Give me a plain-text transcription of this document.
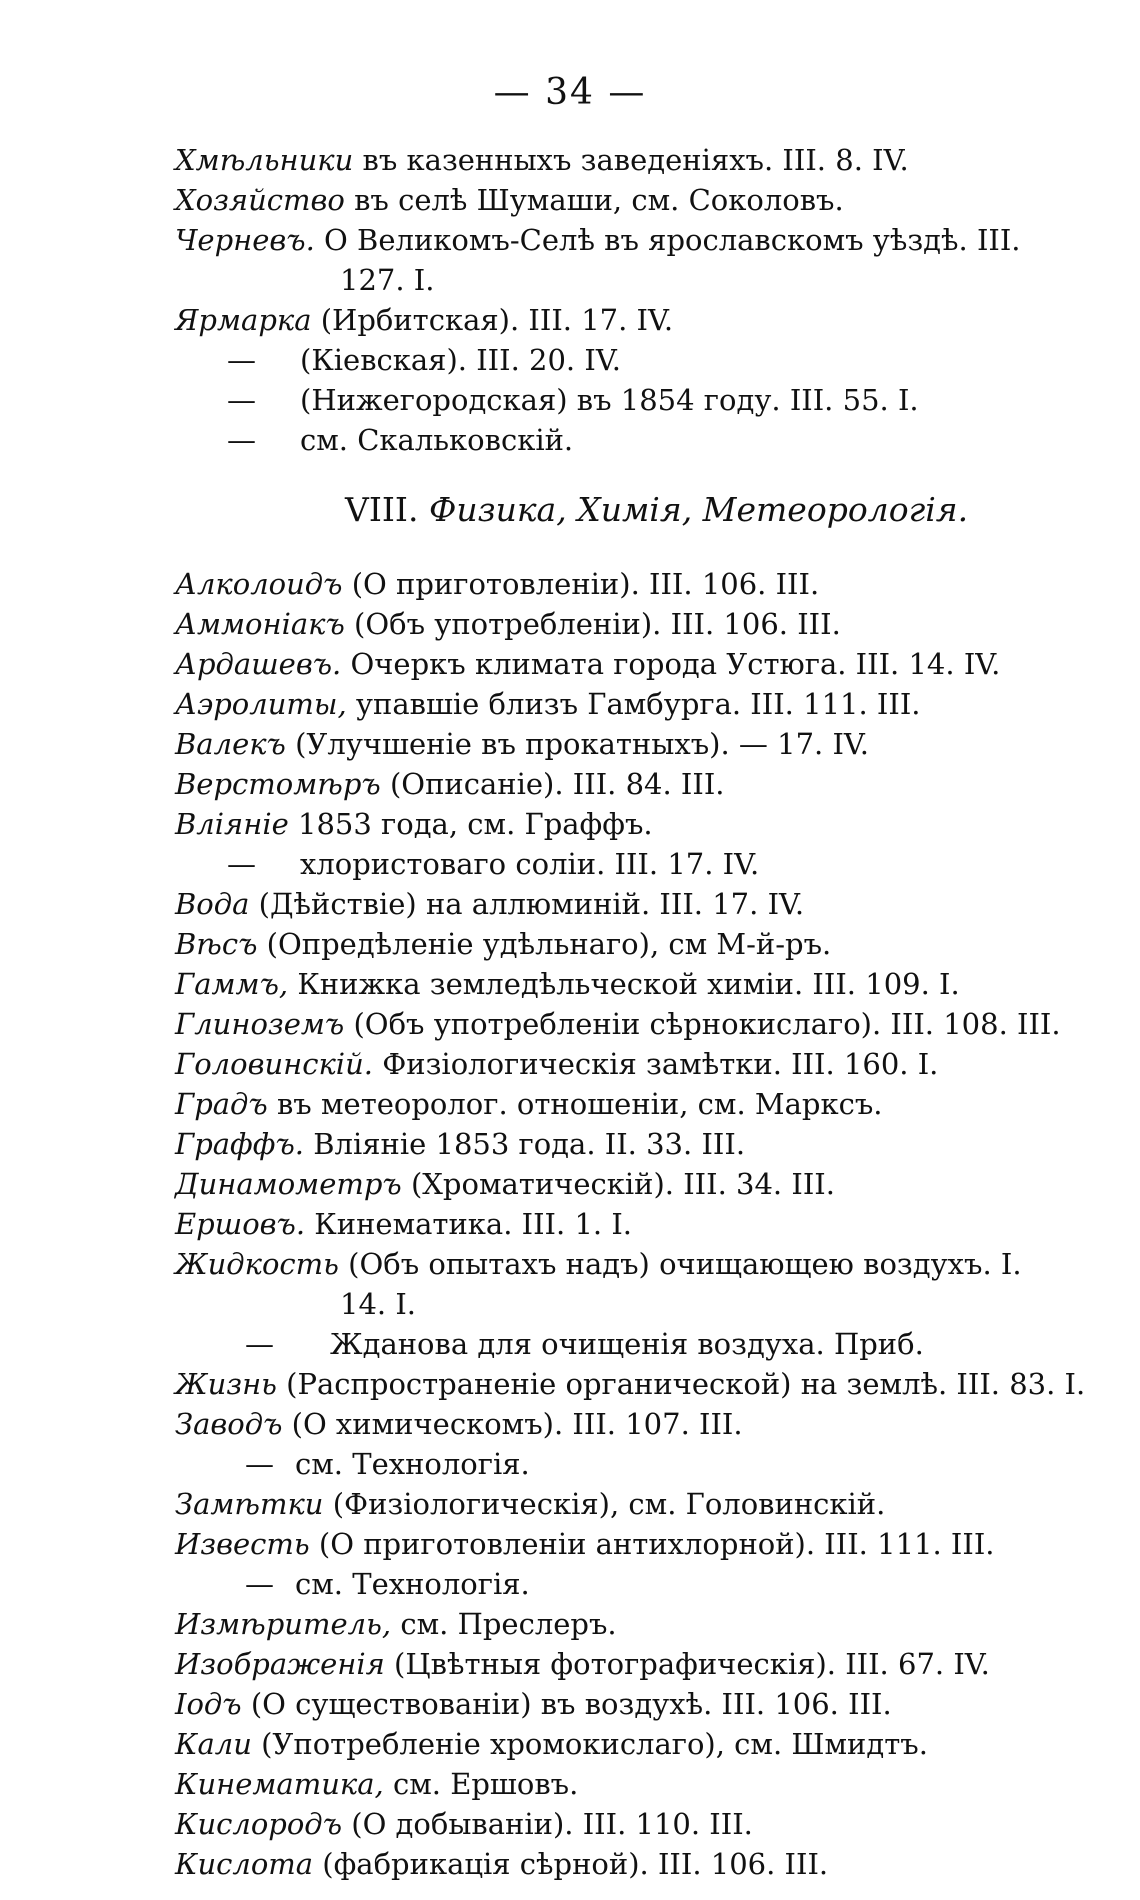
— 34 —
Хмѣльники въ казенныхъ заведеніяхъ. III. 8. IV.
Хозяйство въ селѣ Шумаши, см. Соколовъ.
Черневъ. О Великомъ-Селѣ въ ярославскомъ уѣздѣ. III.
127. I.
Ярмарка (Ирбитская). III. 17. IV.
— (Кіевская). III. 20. IV.
— (Нижегородская) въ 1854 году. III. 55. I.
— см. Скальковскій.
VIII. Физика, Химія, Метеорологія.
Алколоидъ (О приготовленіи). III. 106. III.
Аммоніакъ (Объ употребленіи). III. 106. III.
Ардашевъ. Очеркъ климата города Устюга. III. 14. IV.
Аэролиты, упавшіе близъ Гамбурга. III. 111. III.
Валекъ (Улучшеніе въ прокатныхъ). — 17. IV.
Верстомѣръ (Описаніе). III. 84. III.
Вліяніе 1853 года, см. Граффъ.
— хлористоваго соліи. III. 17. IV.
Вода (Дѣйствіе) на аллюминій. III. 17. IV.
Вѣсъ (Опредѣленіе удѣльнаго), см М-й-ръ.
Гаммъ, Книжка земледѣльческой химіи. III. 109. I.
Глиноземъ (Объ употребленіи сѣрнокислаго). III. 108. III.
Головинскій. Физіологическія замѣтки. III. 160. I.
Градъ въ метеоролог. отношеніи, см. Марксъ.
Граффъ. Вліяніе 1853 года. II. 33. III.
Динамометръ (Хроматическій). III. 34. III.
Ершовъ. Кинематика. III. 1. I.
Жидкость (Объ опытахъ надъ) очищающею воздухъ. I.
14. I.
— Жданова для очищенія воздуха. Приб.
Жизнь (Распространеніе органической) на землѣ. III. 83. I.
Заводъ (О химическомъ). III. 107. III.
— см. Технологія.
Замѣтки (Физіологическія), см. Головинскій.
Известь (О приготовленіи антихлорной). III. 111. III.
— см. Технологія.
Измѣритель, см. Преслеръ.
Изображенія (Цвѣтныя фотографическія). III. 67. IV.
Іодъ (О существованіи) въ воздухѣ. III. 106. III.
Кали (Употребленіе хромокислаго), см. Шмидтъ.
Кинематика, см. Ершовъ.
Кислородъ (О добываніи). III. 110. III.
Кислота (фабрикація сѣрной). III. 106. III.
